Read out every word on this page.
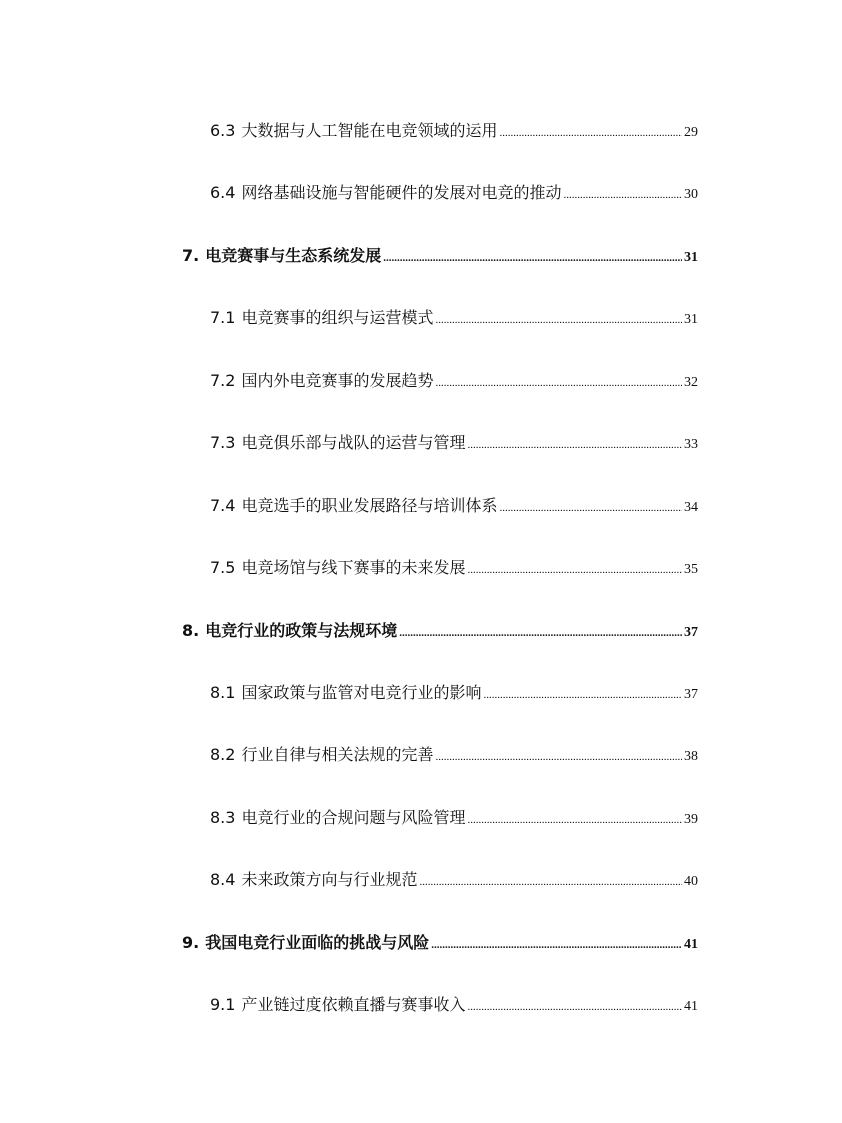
6.3 大数据与人工智能在电竞领域的运用 .....	29
6.4 网络基础设施与智能硬件的发展对电竞的推动 .....	30
7. 电竞赛事与生态系统发展 .....	31
7.1 电竞赛事的组织与运营模式 .....	31
7.2 国内外电竞赛事的发展趋势 .....	32
7.3 电竞俱乐部与战队的运营与管理 .....	33
7.4 电竞选手的职业发展路径与培训体系 .....	34
7.5 电竞场馆与线下赛事的未来发展 .....	35
8. 电竞行业的政策与法规环境 .....	37
8.1 国家政策与监管对电竞行业的影响 .....	37
8.2 行业自律与相关法规的完善 .....	38
8.3 电竞行业的合规问题与风险管理 .....	39
8.4 未来政策方向与行业规范 .....	40
9. 我国电竞行业面临的挑战与风险 .....	41
9.1 产业链过度依赖直播与赛事收入 .....	41
